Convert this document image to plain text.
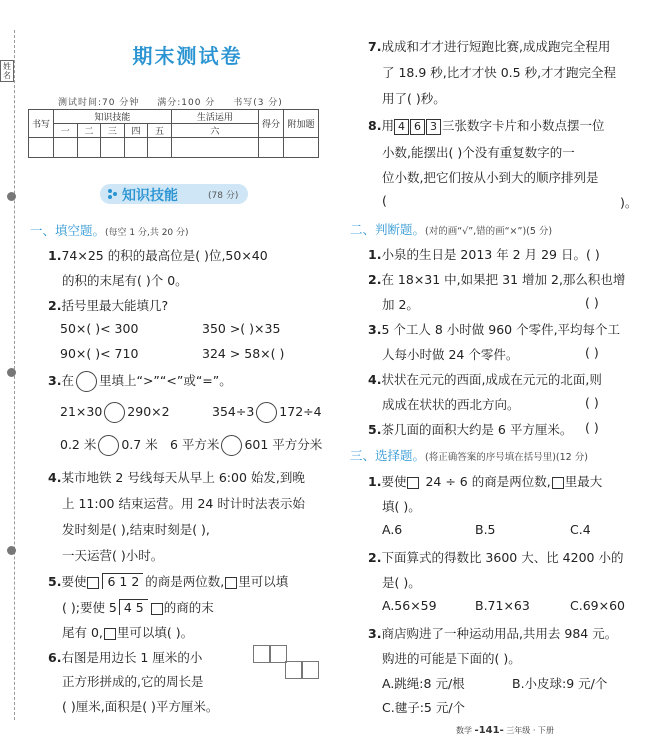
姓名
期末测试卷
测试时间:70 分钟 满分:100 分 书写(3 分)
书写	知识技能					生活运用	得分	附加题
	一	二	三	四	五	六		

知识技能	(78 分)
一、填空题。(每空 1 分,共 20 分)
1.74×25 的积的最高位是( )位,50×40
的积的末尾有( )个 0。
2.括号里最大能填几?
50×( )< 300	350 >( )×35
90×( )< 710	324 > 58×( )
3.在 里填上“>”“<”或“=”。
21×30 290×2	354÷3 172÷4
0.2 米 0.7 米 6 平方米 601 平方分米
4.某市地铁 2 号线每天从早上 6:00 始发,到晚
上 11:00 结束运营。用 24 时计时法表示始
发时刻是( ),结束时刻是( ),
一天运营( )小时。
5.要使 6 1 2 的商是两位数, 里可以填
( );要使 5 4 5 的商的末
尾有 0, 里可以填( )。
6.右图是用边长 1 厘米的小
正方形拼成的,它的周长是
( )厘米,面积是( )平方厘米。
7.成成和才才进行短跑比赛,成成跑完全程用
了 18.9 秒,比才才快 0.5 秒,才才跑完全程
用了( )秒。
8.用 4 6 3 三张数字卡片和小数点摆一位
小数,能摆出( )个没有重复数字的一
位小数,把它们按从小到大的顺序排列是
(	)。
二、判断题。(对的画“√”,错的画“×”)(5 分)
1.小泉的生日是 2013 年 2 月 29 日。( )
2.在 18×31 中,如果把 31 增加 2,那么积也增
加 2。	( )
3.5 个工人 8 小时做 960 个零件,平均每个工
人每小时做 24 个零件。	( )
4.状状在元元的西面,成成在元元的北面,则
成成在状状的西北方向。	( )
5.茶几面的面积大约是 6 平方厘米。 ( )
三、选择题。(将正确答案的序号填在括号里)(12 分)
1.要使 24 ÷ 6 的商是两位数, 里最大
填( )。
A.6	B.5	C.4
2.下面算式的得数比 3600 大、比 4200 小的
是( )。
A.56×59	B.71×63	C.69×60
3.商店购进了一种运动用品,共用去 984 元。
购进的可能是下面的( )。
A.跳绳:8 元/根	B.小皮球:9 元/个
C.毽子:5 元/个
数学 -141- 三年级 · 下册
